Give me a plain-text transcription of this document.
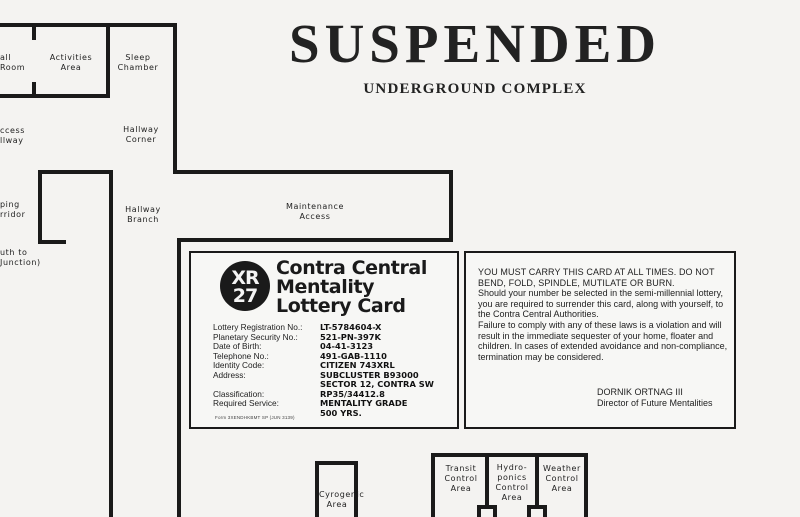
all
Room
Activities
Area
Sleep
Chamber
ccess
llway
Hallway
Corner
ping
rridor
Hallway
Branch
uth to
Junction)
Maintenance
Access
Cyrogenic
Area
Transit
Control
Area
Hydro-
ponics
Control
Area
Weather
Control
Area
SUSPENDED
UNDERGROUND COMPLEX
XR
27
Contra Central
Mentality
Lottery Card
Lottery Registration No.: LT-5784604-X
Planetary Security No.:	521-PN-397K
Date of Birth:	04-41-3123
Telephone No.:	491-GAB-1110
Identity Code:	CITIZEN 743XRL
Address:	SUBCLUSTER B93000
SECTOR 12, CONTRA SW
Classification:	RP35/34412.8
Required Service:	MENTALITY GRADE
500 YRS.
Form 3XENDHKBMT SP (JUN 3139)

YOU MUST CARRY THIS CARD AT ALL TIMES. DO NOT BEND, FOLD, SPINDLE, MUTILATE OR BURN.

Should your number be selected in the semi-millennial lottery, you are required to surrender this card, along with yourself, to the Contra Central Authorities.

Failure to comply with any of these laws is a violation and will result in the immediate sequester of your home, floater and children. In cases of extended avoidance and non-compliance, termination may be considered.

DORNIK ORTNAG III
Director of Future Mentalities
